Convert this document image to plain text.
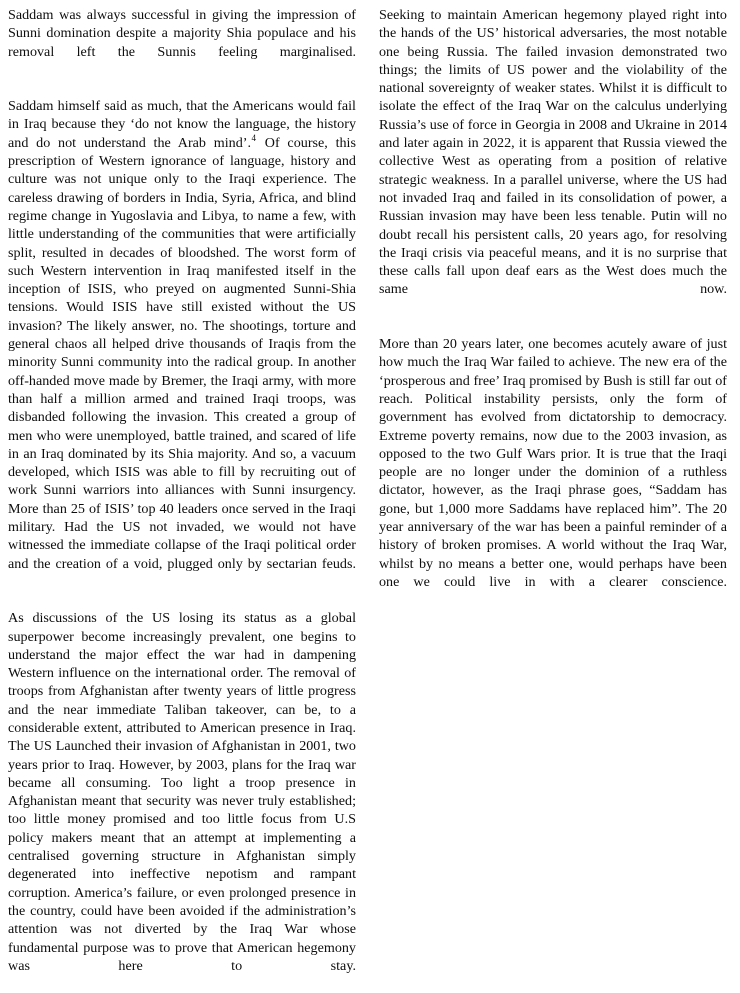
Saddam was always successful in giving the impression of Sunni domination despite a majority Shia populace and his removal left the Sunnis feeling marginalised.

Saddam himself said as much, that the Americans would fail in Iraq because they ‘do not know the language, the history and do not understand the Arab mind’.$^4$ Of course, this prescription of Western ignorance of language, history and culture was not unique only to the Iraqi experience. The careless drawing of borders in India, Syria, Africa, and blind regime change in Yugoslavia and Libya, to name a few, with little understanding of the communities that were artificially split, resulted in decades of bloodshed. The worst form of such Western intervention in Iraq manifested itself in the inception of ISIS, who preyed on augmented Sunni-Shia tensions. Would ISIS have still existed without the US invasion? The likely answer, no. The shootings, torture and general chaos all helped drive thousands of Iraqis from the minority Sunni community into the radical group. In another off-handed move made by Bremer, the Iraqi army, with more than half a million armed and trained Iraqi troops, was disbanded following the invasion. This created a group of men who were unemployed, battle trained, and scared of life in an Iraq dominated by its Shia majority. And so, a vacuum developed, which ISIS was able to fill by recruiting out of work Sunni warriors into alliances with Sunni insurgency. More than 25 of ISIS’ top 40 leaders once served in the Iraqi military. Had the US not invaded, we would not have witnessed the immediate collapse of the Iraqi political order and the creation of a void, plugged only by sectarian feuds.

As discussions of the US losing its status as a global superpower become increasingly prevalent, one begins to understand the major effect the war had in dampening Western influence on the international order. The removal of troops from Afghanistan after twenty years of little progress and the near immediate Taliban takeover, can be, to a considerable extent, attributed to American presence in Iraq. The US Launched their invasion of Afghanistan in 2001, two years prior to Iraq. However, by 2003, plans for the Iraq war became all consuming. Too light a troop presence in Afghanistan meant that security was never truly established; too little money promised and too little focus from U.S policy makers meant that an attempt at implementing a centralised governing structure in Afghanistan simply degenerated into ineffective nepotism and rampant corruption. America’s failure, or even prolonged presence in the country, could have been avoided if the administration’s attention was not diverted by the Iraq War whose fundamental purpose was to prove that American hegemony was here to stay.

Seeking to maintain American hegemony played right into the hands of the US’ historical adversaries, the most notable one being Russia. The failed invasion demonstrated two things; the limits of US power and the violability of the national sovereignty of weaker states. Whilst it is difficult to isolate the effect of the Iraq War on the calculus underlying Russia’s use of force in Georgia in 2008 and Ukraine in 2014 and later again in 2022, it is apparent that Russia viewed the collective West as operating from a position of relative strategic weakness. In a parallel universe, where the US had not invaded Iraq and failed in its consolidation of power, a Russian invasion may have been less tenable. Putin will no doubt recall his persistent calls, 20 years ago, for resolving the Iraqi crisis via peaceful means, and it is no surprise that these calls fall upon deaf ears as the West does much the same now.

More than 20 years later, one becomes acutely aware of just how much the Iraq War failed to achieve. The new era of the ‘prosperous and free’ Iraq promised by Bush is still far out of reach. Political instability persists, only the form of government has evolved from dictatorship to democracy. Extreme poverty remains, now due to the 2003 invasion, as opposed to the two Gulf Wars prior. It is true that the Iraqi people are no longer under the dominion of a ruthless dictator, however, as the Iraqi phrase goes, “Saddam has gone, but 1,000 more Saddams have replaced him”. The 20 year anniversary of the war has been a painful reminder of a history of broken promises. A world without the Iraq War, whilst by no means a better one, would perhaps have been one we could live in with a clearer conscience.
